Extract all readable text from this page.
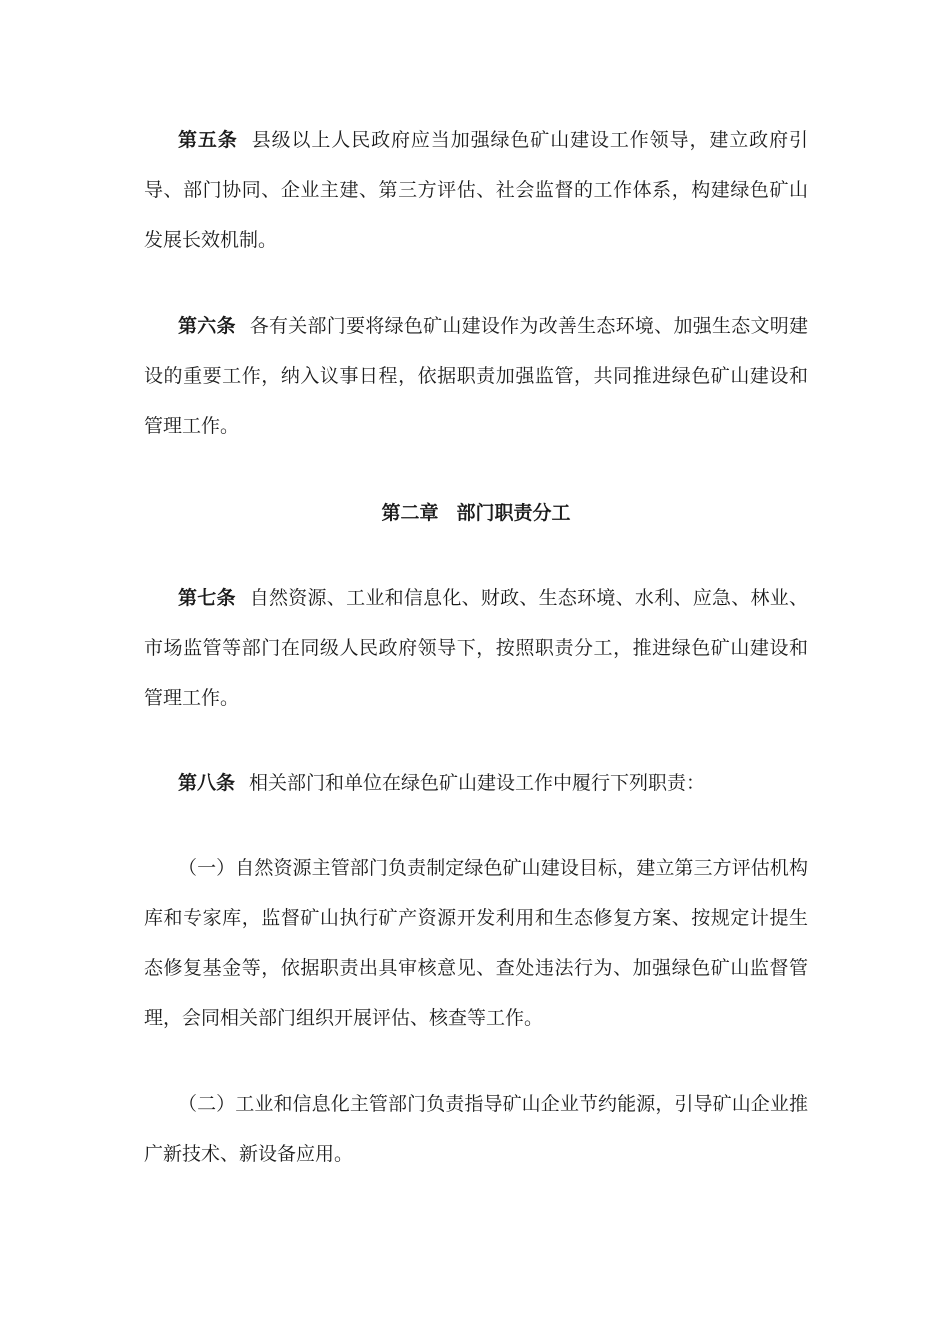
第五条 县级以上人民政府应当加强绿色矿山建设工作领导，建立政府引导、部门协同、企业主建、第三方评估、社会监督的工作体系，构建绿色矿山发展长效机制。

第六条 各有关部门要将绿色矿山建设作为改善生态环境、加强生态文明建设的重要工作，纳入议事日程，依据职责加强监管，共同推进绿色矿山建设和管理工作。

第二章 部门职责分工

第七条 自然资源、工业和信息化、财政、生态环境、水利、应急、林业、市场监管等部门在同级人民政府领导下，按照职责分工，推进绿色矿山建设和管理工作。

第八条 相关部门和单位在绿色矿山建设工作中履行下列职责：

（一）自然资源主管部门负责制定绿色矿山建设目标，建立第三方评估机构库和专家库，监督矿山执行矿产资源开发利用和生态修复方案、按规定计提生态修复基金等，依据职责出具审核意见、查处违法行为、加强绿色矿山监督管理，会同相关部门组织开展评估、核查等工作。

（二）工业和信息化主管部门负责指导矿山企业节约能源，引导矿山企业推广新技术、新设备应用。
